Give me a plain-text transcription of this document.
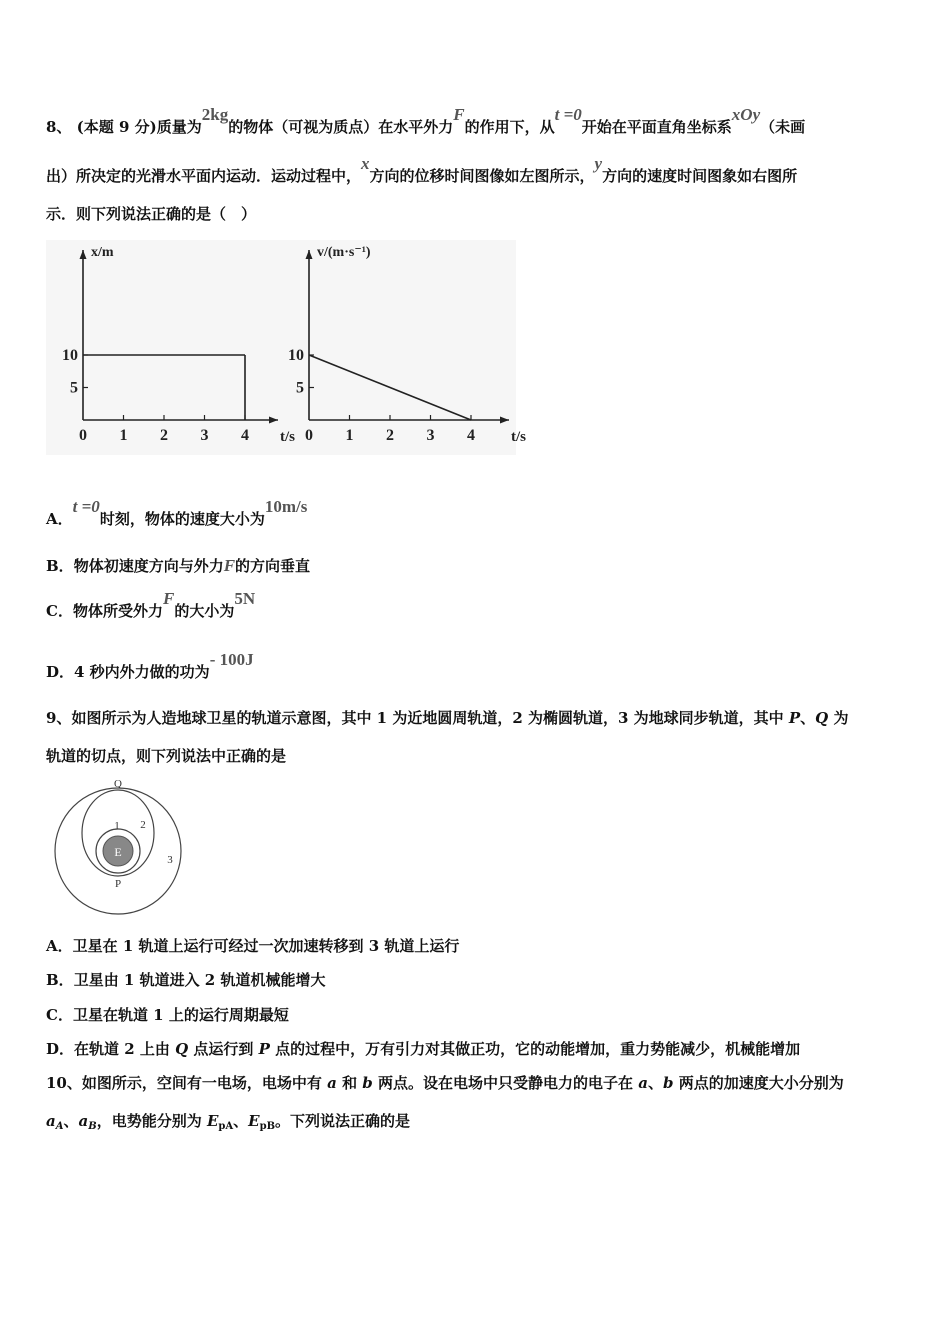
8、 (本题 9 分)质量为2kg的物体（可视为质点）在水平外力F的作用下，从t =0开始在平面直角坐标系xOy（未画
出）所决定的光滑水平面内运动．运动过程中，x方向的位移时间图像如左图所示，y方向的速度时间图象如右图所
示．则下列说法正确的是（　）
0 1 2 3 4
5
10
x/m
t/s 0 1 2 3 4
5
10
v/(m·s⁻¹)
t/s
A．t =0时刻，物体的速度大小为10m/s
B．物体初速度方向与外力F的方向垂直
C．物体所受外力F的大小为5N
D．4 秒内外力做的功为- 100J
9、如图所示为人造地球卫星的轨道示意图，其中 1 为近地圆周轨道，2 为椭圆轨道，3 为地球同步轨道，其中 P、Q 为
轨道的切点，则下列说法中正确的是
E
Q
P
1 2
3
A．卫星在 1 轨道上运行可经过一次加速转移到 3 轨道上运行
B．卫星由 1 轨道进入 2 轨道机械能增大
C．卫星在轨道 1 上的运行周期最短
D．在轨道 2 上由 Q 点运行到 P 点的过程中，万有引力对其做正功，它的动能增加，重力势能减少，机械能增加
10、如图所示，空间有一电场，电场中有 a 和 b 两点。设在电场中只受静电力的电子在 a、b 两点的加速度大小分别为
$a_A$、$a_B$，电势能分别为 $E_{pA}$、$E_{pB}$。下列说法正确的是
